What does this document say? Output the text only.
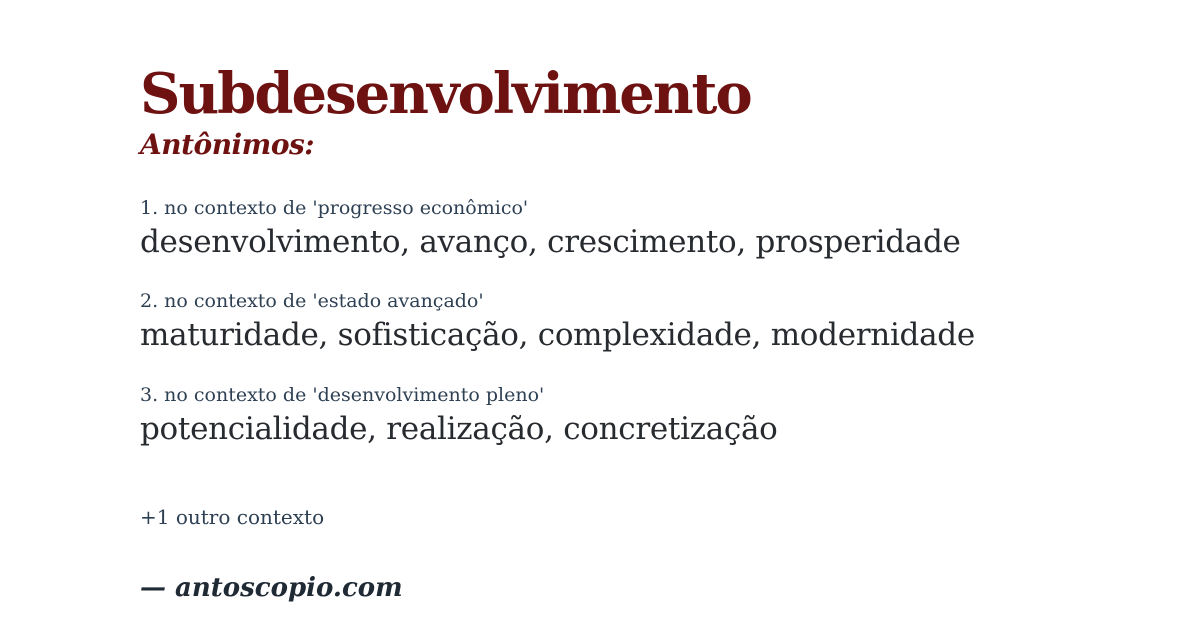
Subdesenvolvimento
Antônimos:
1. no contexto de 'progresso econômico'
desenvolvimento, avanço, crescimento, prosperidade
2. no contexto de 'estado avançado'
maturidade, sofisticação, complexidade, modernidade
3. no contexto de 'desenvolvimento pleno'
potencialidade, realização, concretização
+1 outro contexto
— antoscopio.com
